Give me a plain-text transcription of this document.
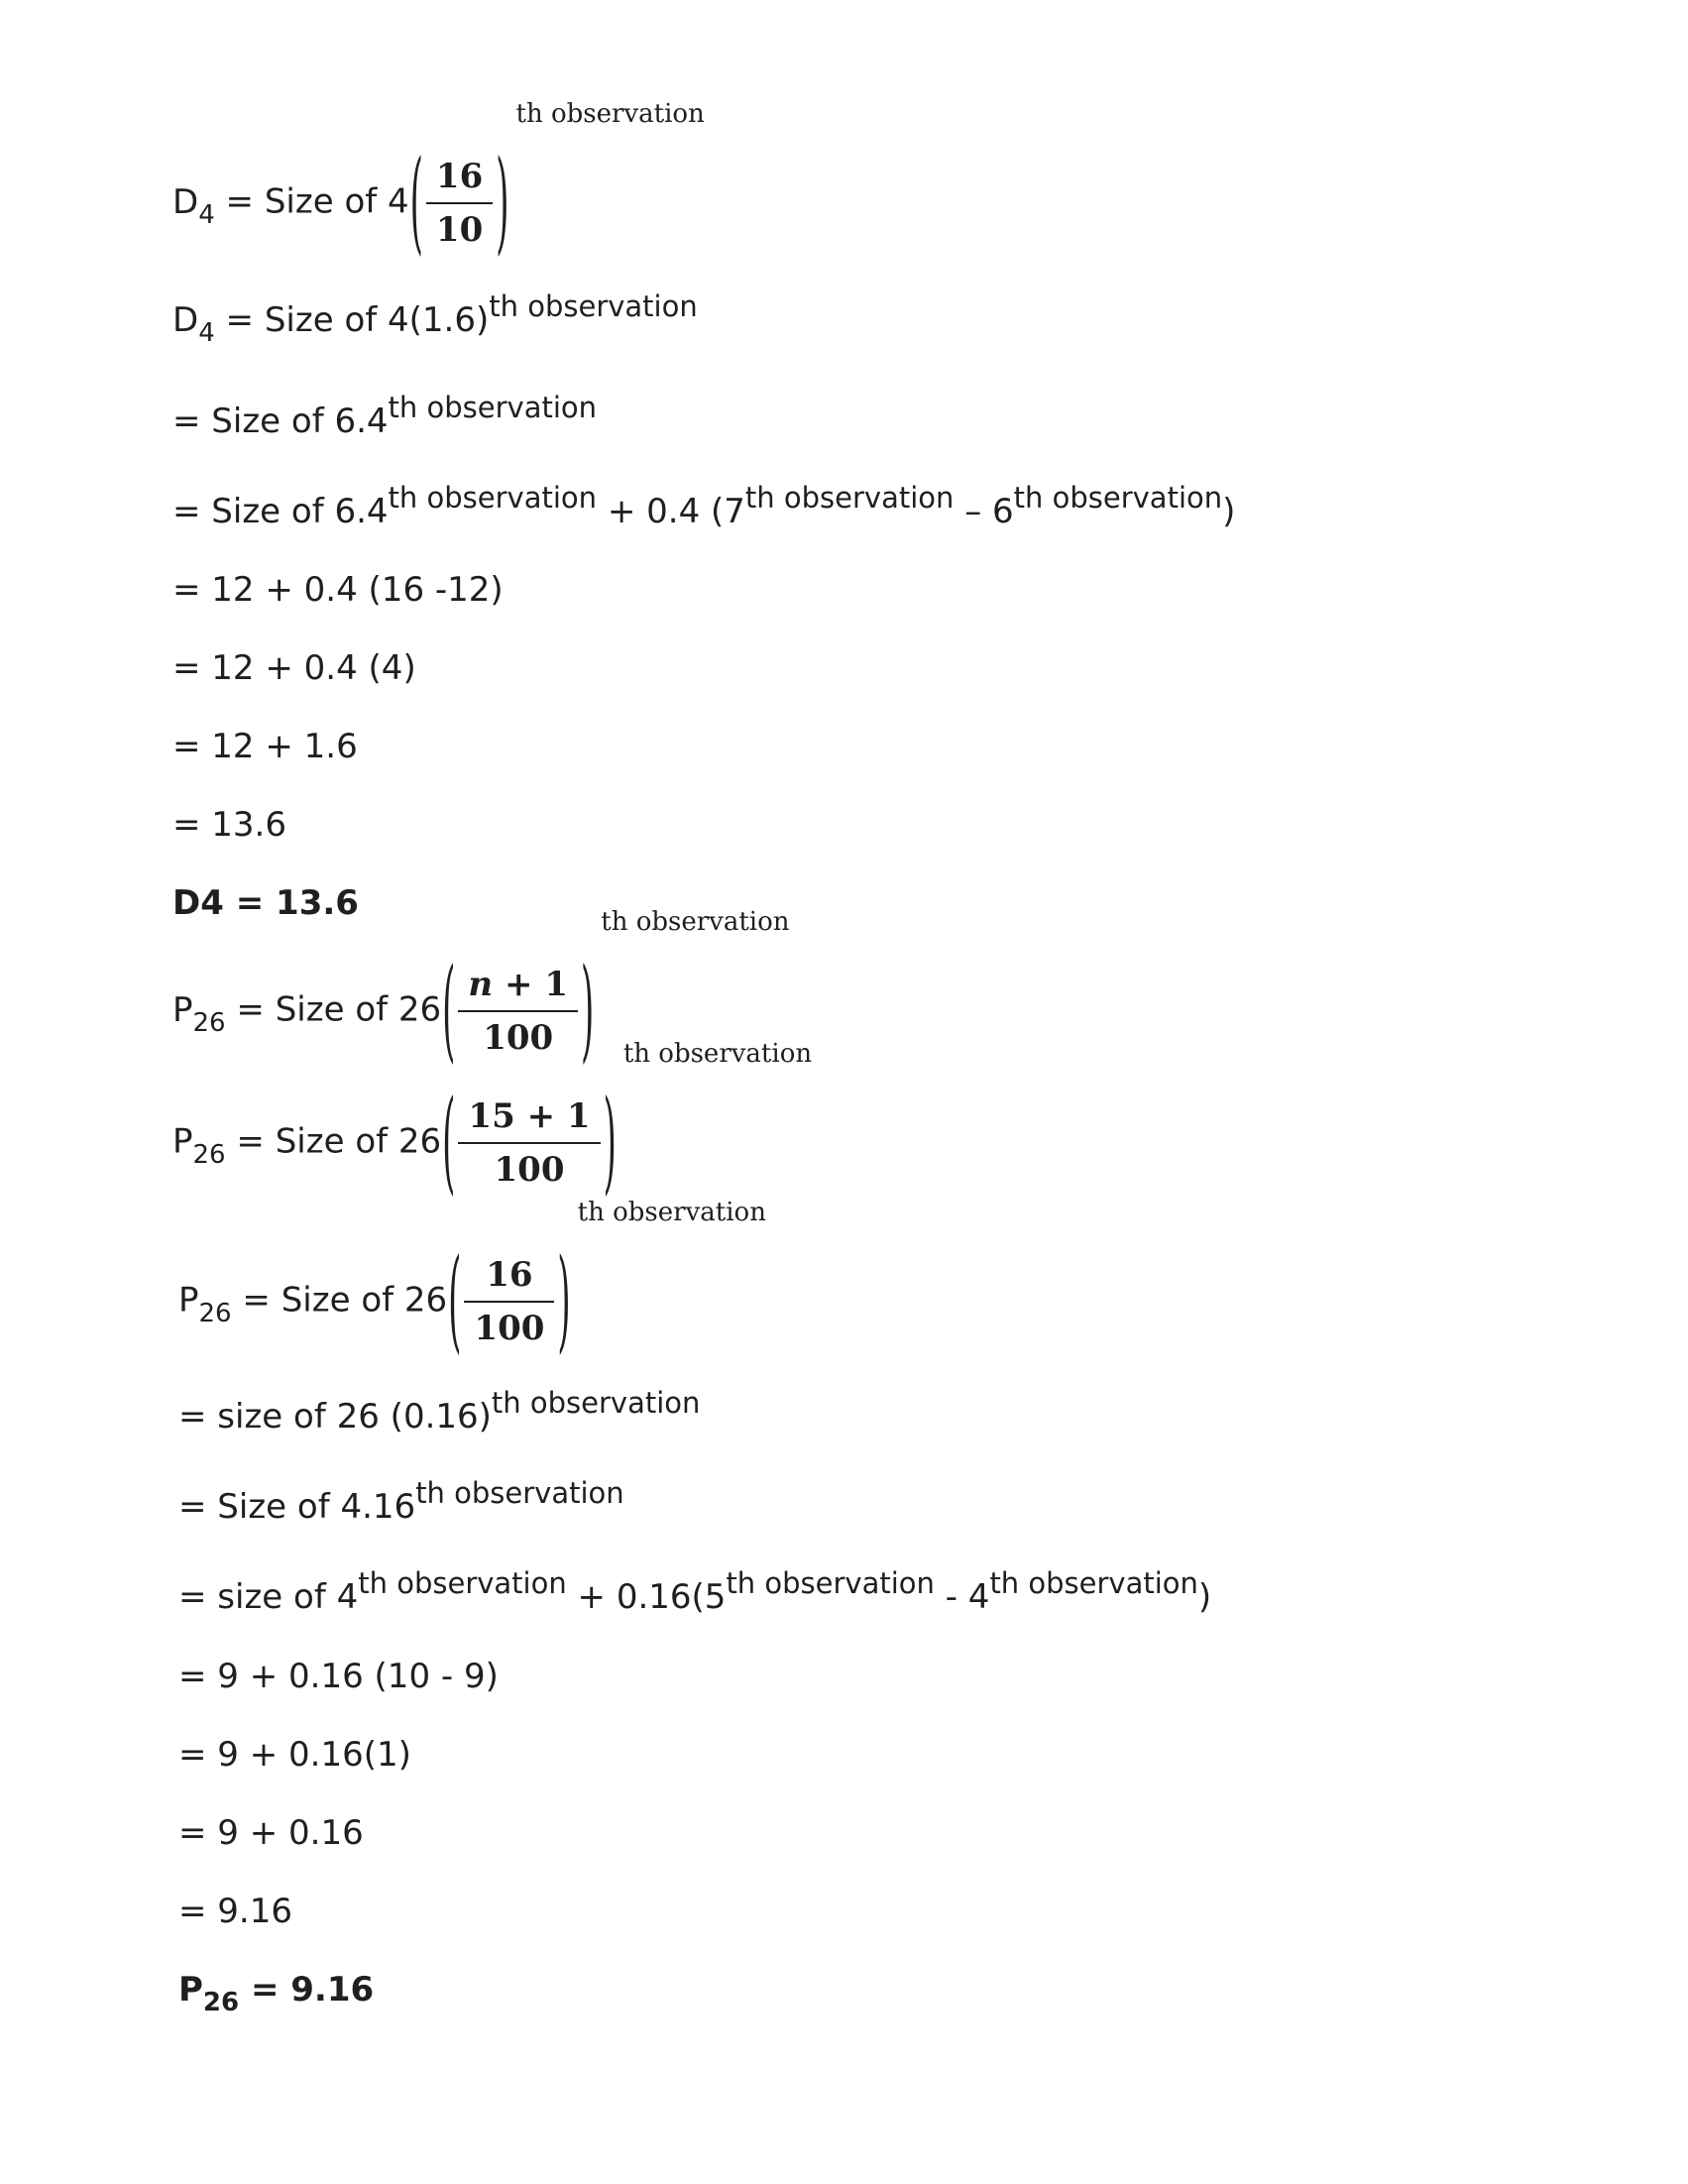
$D_4$ = Size of $4( \frac{16}{10} )th$ observation
$D_4$ = Size of 4(1.6)th observation
= Size of 6.4th observation
= Size of 6.4th observation + 0.4 (7th observation – 6th observation)
= 12 + 0.4 (16 -12)
= 12 + 0.4 (4)
= 12 + 1.6
= 13.6
D4 = 13.6
$P_{26}$ = Size of $26( \frac{n + 1}{100} )th$ observation
$P_{26}$ = Size of $26( \frac{15 + 1}{100} )th$ observation
$P_{26}$ = Size of $26( \frac{16}{100} )th$ observation
= size of 26 (0.16)th observation
= Size of 4.16th observation
= size of 4th observation + 0.16(5th observation - 4th observation)
= 9 + 0.16 (10 - 9)
= 9 + 0.16(1)
= 9 + 0.16
= 9.16
$P_{26} = 9.16$
